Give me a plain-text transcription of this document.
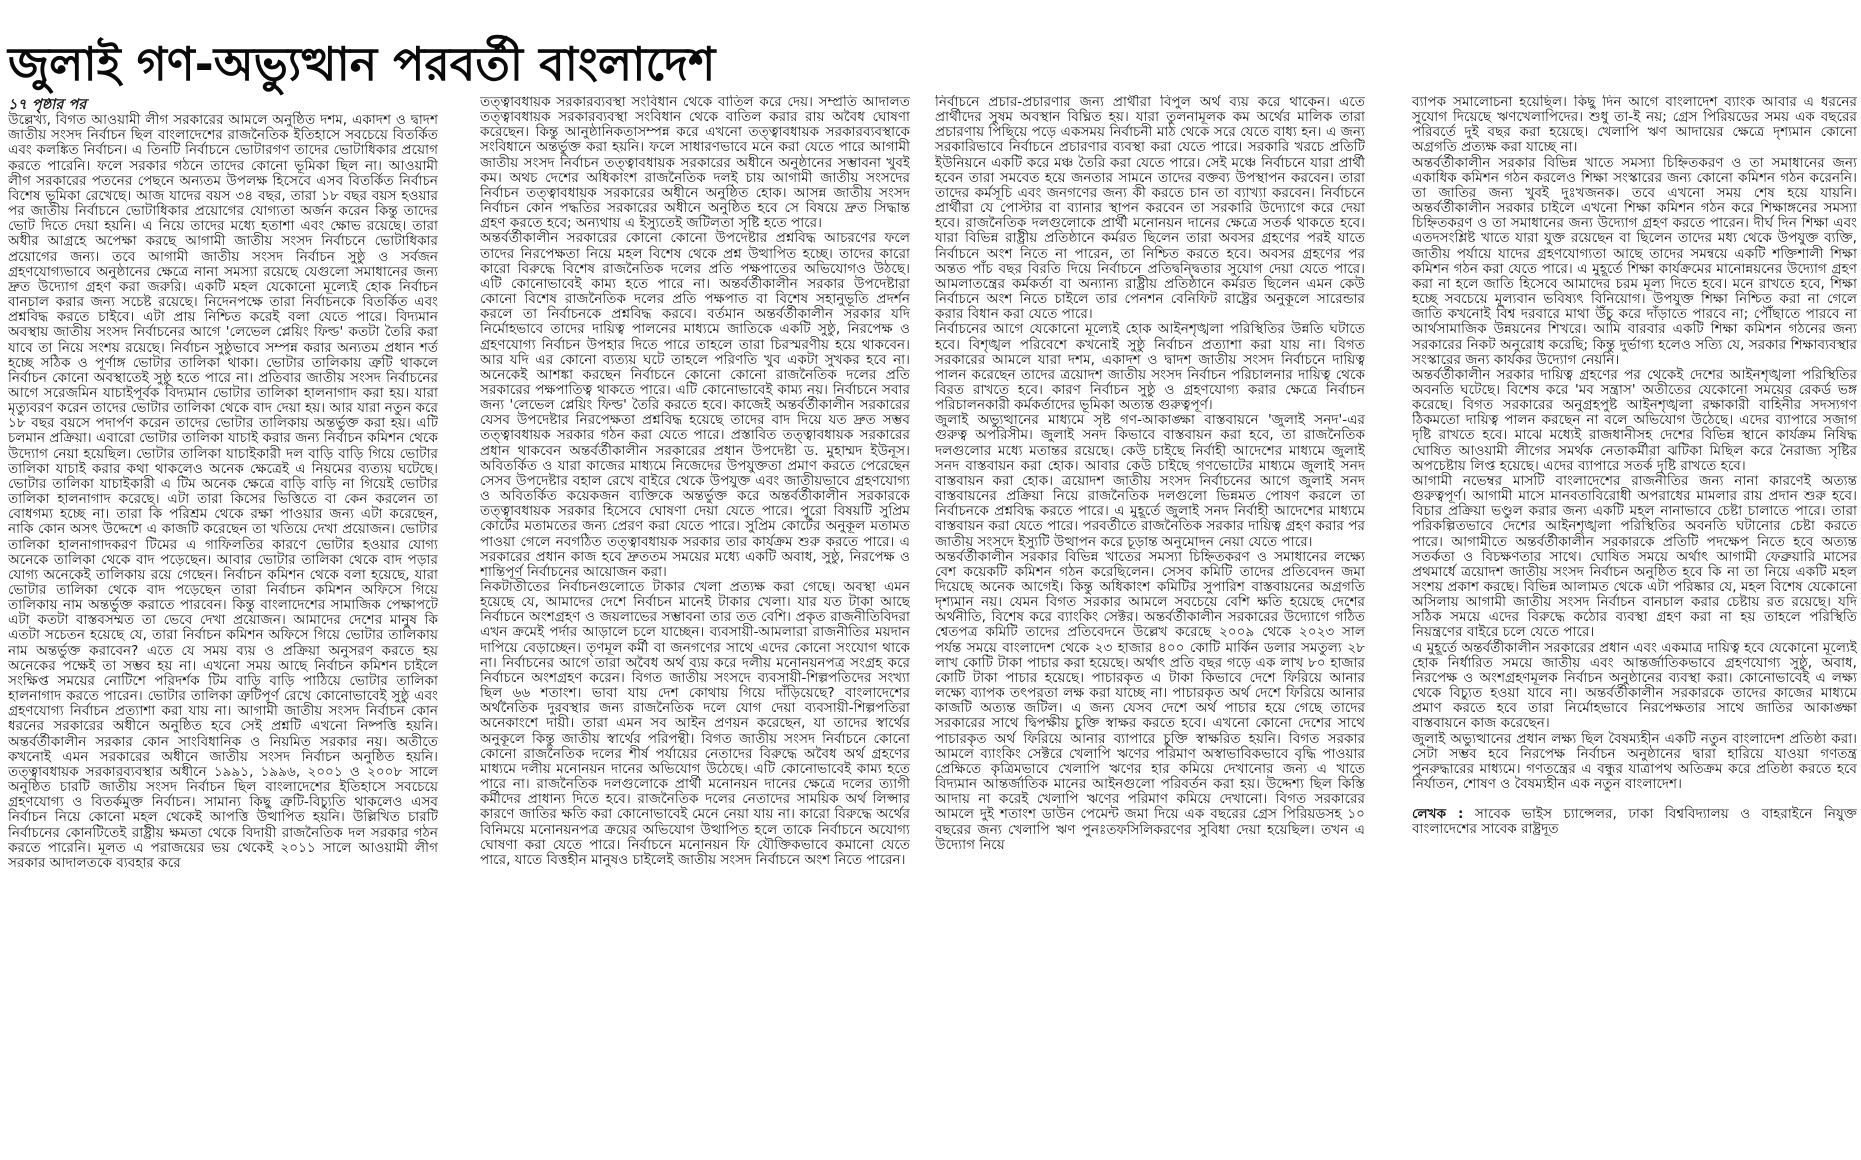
জুলাই গণ-অভ্যুত্থান পরবর্তী বাংলাদেশ

১৭ পৃষ্ঠার পর

উল্লেখ্য, বিগত আওয়ামী লীগ সরকারের আমলে অনুষ্ঠিত দশম, একাদশ ও দ্বাদশ জাতীয় সংসদ নির্বাচন ছিল বাংলাদেশের রাজনৈতিক ইতিহাসে সবচেয়ে বিতর্কিত এবং কলঙ্কিত নির্বাচন। এ তিনটি নির্বাচনে ভোটারগণ তাদের ভোটাধিকার প্রয়োগ করতে পারেনি। ফলে সরকার গঠনে তাদের কোনো ভূমিকা ছিল না। আওয়ামী লীগ সরকারের পতনের পেছনে অন্যতম উপলক্ষ হিসেবে এসব বিতর্কিত নির্বাচন বিশেষ ভূমিকা রেখেছে। আজ যাদের বয়স ৩৪ বছর, তারা ১৮ বছর বয়স হওয়ার পর জাতীয় নির্বাচনে ভোটাধিকার প্রয়োগের যোগ্যতা অর্জন করেন কিন্তু তাদের ভোট দিতে দেয়া হয়নি। এ নিয়ে তাদের মধ্যে হতাশা এবং ক্ষোভ রয়েছে। তারা অধীর আগ্রহে অপেক্ষা করছে আগামী জাতীয় সংসদ নির্বাচনে ভোটাধিকার প্রয়োগের জন্য। তবে আগামী জাতীয় সংসদ নির্বাচন সুষ্ঠু ও সর্বজন গ্রহণযোগ্যভাবে অনুষ্ঠানের ক্ষেত্রে নানা সমস্যা রয়েছে যেগুলো সমাধানের জন্য দ্রুত উদ্যোগ গ্রহণ করা জরুরি। একটি মহল যেকোনো মূল্যেই হোক নির্বাচন বানচাল করার জন্য সচেষ্ট রয়েছে। নিদেনপক্ষে তারা নির্বাচনকে বিতর্কিত এবং প্রশ্নবিদ্ধ করতে চাইবে। এটা প্রায় নিশ্চিত করেই বলা যেতে পারে। বিদ্যমান অবস্থায় জাতীয় সংসদ নির্বাচনের আগে 'লেভেল প্লেয়িং ফিল্ড' কতটা তৈরি করা যাবে তা নিয়ে সংশয় রয়েছে। নির্বাচন সুষ্ঠুভাবে সম্পন্ন করার অন্যতম প্রধান শর্ত হচ্ছে সঠিক ও পূর্ণাঙ্গ ভোটার তালিকা থাকা। ভোটার তালিকায় ত্রুটি থাকলে নির্বাচন কোনো অবস্থাতেই সুষ্ঠু হতে পারে না। প্রতিবার জাতীয় সংসদ নির্বাচনের আগে সরেজমিন যাচাইপূর্বক বিদ্যমান ভোটার তালিকা হালনাগাদ করা হয়। যারা মৃত্যুবরণ করেন তাদের ভোটার তালিকা থেকে বাদ দেয়া হয়। আর যারা নতুন করে ১৮ বছর বয়সে পদার্পণ করেন তাদের ভোটার তালিকায় অন্তর্ভুক্ত করা হয়। এটি চলমান প্রক্রিয়া। এবারো ভোটার তালিকা যাচাই করার জন্য নির্বাচন কমিশন থেকে উদ্যোগ নেয়া হয়েছিল। ভোটার তালিকা যাচাইকারী দল বাড়ি বাড়ি গিয়ে ভোটার তালিকা যাচাই করার কথা থাকলেও অনেক ক্ষেত্রেই এ নিয়মের ব্যত্যয় ঘটেছে। ভোটার তালিকা যাচাইকারী এ টিম অনেক ক্ষেত্রে বাড়ি বাড়ি না গিয়েই ভোটার তালিকা হালনাগাদ করেছে। এটা তারা কিসের ভিত্তিতে বা কেন করলেন তা বোধগম্য হচ্ছে না। তারা কি পরিশ্রম থেকে রক্ষা পাওয়ার জন্য এটা করেছেন, নাকি কোন অসৎ উদ্দেশে এ কাজটি করেছেন তা খতিয়ে দেখা প্রয়োজন। ভোটার তালিকা হালনাগাদকরণ টিমের এ গাফিলতির কারণে ভোটার হওয়ার যোগ্য অনেকে তালিকা থেকে বাদ পড়েছেন। আবার ভোটার তালিকা থেকে বাদ পড়ার যোগ্য অনেকেই তালিকায় রয়ে গেছেন। নির্বাচন কমিশন থেকে বলা হয়েছে, যারা ভোটার তালিকা থেকে বাদ পড়েছেন তারা নির্বাচন কমিশন অফিসে গিয়ে তালিকায় নাম অন্তর্ভুক্ত করাতে পারবেন। কিন্তু বাংলাদেশের সামাজিক পেক্ষাপটে এটা কতটা বাস্তবসম্মত তা ভেবে দেখা প্রয়োজন। আমাদের দেশের মানুষ কি এতটা সচেতন হয়েছে যে, তারা নির্বাচন কমিশন অফিসে গিয়ে ভোটার তালিকায় নাম অন্তর্ভুক্ত করাবেন? এতে যে সময় ব্যয় ও প্রক্রিয়া অনুসরণ করতে হয় অনেকের পক্ষেই তা সম্ভব হয় না। এখনো সময় আছে নির্বাচন কমিশন চাইলে সংক্ষিপ্ত সময়ের নোটিশে পরিদর্শক টিম বাড়ি বাড়ি পাঠিয়ে ভোটার তালিকা হালনাগাদ করতে পারেন। ভোটার তালিকা ত্রুটিপূর্ণ রেখে কোনোভাবেই সুষ্ঠু এবং গ্রহণযোগ্য নির্বাচন প্রত্যাশা করা যায় না। আগামী জাতীয় সংসদ নির্বাচন কোন ধরনের সরকারের অধীনে অনুষ্ঠিত হবে সেই প্রশ্নটি এখনো নিষ্পত্তি হয়নি। অন্তর্বর্তীকালীন সরকার কোন সাংবিধানিক ও নিয়মিত সরকার নয়। অতীতে কখনোই এমন সরকারের অধীনে জাতীয় সংসদ নির্বাচন অনুষ্ঠিত হয়নি। তত্ত্বাবধায়ক সরকারব্যবস্থার অধীনে ১৯৯১, ১৯৯৬, ২০০১ ও ২০০৮ সালে অনুষ্ঠিত চারটি জাতীয় সংসদ নির্বাচন ছিল বাংলাদেশের ইতিহাসে সবচেয়ে গ্রহণযোগ্য ও বিতর্কমুক্ত নির্বাচন। সামান্য কিছু ত্রুটি-বিচ্যুতি থাকলেও এসব নির্বাচন নিয়ে কোনো মহল থেকেই আপত্তি উত্থাপিত হয়নি। উল্লিখিত চারটি নির্বাচনের কোনটিতেই রাষ্ট্রীয় ক্ষমতা থেকে বিদায়ী রাজনৈতিক দল সরকার গঠন করতে পারেনি। মূলত এ পরাজয়ের ভয় থেকেই ২০১১ সালে আওয়ামী লীগ সরকার আদালতকে ব্যবহার করে

তত্ত্বাবধায়ক সরকারব্যবস্থা সংবিধান থেকে বাতিল করে দেয়। সম্প্রতি আদালত তত্ত্বাবধায়ক সরকারব্যবস্থা সংবিধান থেকে বাতিল করার রায় অবৈধ ঘোষণা করেছেন। কিন্তু আনুষ্ঠানিকতাসম্পন্ন করে এখনো তত্ত্বাবধায়ক সরকারব্যবস্থাকে সংবিধানে অন্তর্ভুক্ত করা হয়নি। ফলে সাধারণভাবে মনে করা যেতে পারে আগামী জাতীয় সংসদ নির্বাচন তত্ত্বাবধায়ক সরকারের অধীনে অনুষ্ঠানের সম্ভাবনা খুবই কম। অথচ দেশের অধিকাংশ রাজনৈতিক দলই চায় আগামী জাতীয় সংসদের নির্বাচন তত্ত্বাবধায়ক সরকারের অধীনে অনুষ্ঠিত হোক। আসন্ন জাতীয় সংসদ নির্বাচন কোন পদ্ধতির সরকারের অধীনে অনুষ্ঠিত হবে সে বিষয়ে দ্রুত সিদ্ধান্ত গ্রহণ করতে হবে; অন্যথায় এ ইস্যুতেই জটিলতা সৃষ্টি হতে পারে।

অন্তর্বর্তীকালীন সরকারের কোনো কোনো উপদেষ্টার প্রশ্নবিদ্ধ আচরণের ফলে তাদের নিরপেক্ষতা নিয়ে মহল বিশেষ থেকে প্রশ্ন উত্থাপিত হচ্ছে। তাদের কারো কারো বিরুদ্ধে বিশেষ রাজনৈতিক দলের প্রতি পক্ষপাতের অভিযোগও উঠছে। এটি কোনোভাবেই কাম্য হতে পারে না। অন্তর্বর্তীকালীন সরকার উপদেষ্টারা কোনো বিশেষ রাজনৈতিক দলের প্রতি পক্ষপাত বা বিশেষ সহানুভূতি প্রদর্শন করলে তা নির্বাচনকে প্রশ্নবিদ্ধ করবে। বর্তমান অন্তর্বর্তীকালীন সরকার যদি নির্মোহভাবে তাদের দায়িত্ব পালনের মাধ্যমে জাতিকে একটি সুষ্ঠু, নিরপেক্ষ ও গ্রহণযোগ্য নির্বাচন উপহার দিতে পারে তাহলে তারা চিরস্মরণীয় হয়ে থাকবেন। আর যদি এর কোনো ব্যত্যয় ঘটে তাহলে পরিণতি খুব একটা সুখকর হবে না। অনেকেই আশঙ্কা করছেন নির্বাচনে কোনো কোনো রাজনৈতিক দলের প্রতি সরকারের পক্ষপাতিত্ব থাকতে পারে। এটি কোনোভাবেই কাম্য নয়। নির্বাচনে সবার জন্য 'লেভেল প্লেয়িং ফিল্ড' তৈরি করতে হবে। কাজেই অন্তর্বর্তীকালীন সরকারের যেসব উপদেষ্টার নিরপেক্ষতা প্রশ্নবিদ্ধ হয়েছে তাদের বাদ দিয়ে যত দ্রুত সম্ভব তত্ত্বাবধায়ক সরকার গঠন করা যেতে পারে। প্রস্তাবিত তত্ত্বাবধায়ক সরকারের প্রধান থাকবেন অন্তর্বর্তীকালীন সরকারের প্রধান উপদেষ্টা ড. মুহাম্মদ ইউনূস। অবিতর্কিত ও যারা কাজের মাধ্যমে নিজেদের উপযুক্ততা প্রমাণ করতে পেরেছেন সেসব উপদেষ্টার বহাল রেখে বাইরে থেকে উপযুক্ত এবং জাতীয়ভাবে গ্রহণযোগ্য ও অবিতর্কিত কয়েকজন ব্যক্তিকে অন্তর্ভুক্ত করে অন্তর্বর্তীকালীন সরকারকে তত্ত্বাবধায়ক সরকার হিসেবে ঘোষণা দেয়া যেতে পারে। পুরো বিষয়টি সুপ্রিম কোর্টের মতামতের জন্য প্রেরণ করা যেতে পারে। সুপ্রিম কোর্টের অনুকূল মতামত পাওয়া গেলে নবগঠিত তত্ত্বাবধায়ক সরকার তার কার্যক্রম শুরু করতে পারে। এ সরকারের প্রধান কাজ হবে দ্রুততম সময়ের মধ্যে একটি অবাধ, সুষ্ঠু, নিরপেক্ষ ও শান্তিপূর্ণ নির্বাচনের আয়োজন করা।

নিকটাতীতের নির্বাচনগুলোতে টাকার খেলা প্রত্যক্ষ করা গেছে। অবস্থা এমন হয়েছে যে, আমাদের দেশে নির্বাচন মানেই টাকার খেলা। যার যত টাকা আছে নির্বাচনে অংশগ্রহণ ও জয়লাভের সম্ভাবনা তার তত বেশি। প্রকৃত রাজনীতিবিদরা এখন ক্রমেই পর্দার আড়ালে চলে যাচ্ছেন। ব্যবসায়ী-আমলারা রাজনীতির ময়দান দাপিয়ে বেড়াচ্ছেন। তৃণমূল কর্মী বা জনগণের সাথে এদের কোনো সংযোগ থাকে না। নির্বাচনের আগে তারা অবৈধ অর্থ ব্যয় করে দলীয় মনোনয়নপত্র সংগ্রহ করে নির্বাচনে অংশগ্রহণ করেন। বিগত জাতীয় সংসদে ব্যবসায়ী-শিল্পপতিদের সংখ্যা ছিল ৬৬ শতাংশ। ভাবা যায় দেশ কোথায় গিয়ে দাঁড়িয়েছে? বাংলাদেশের অর্থনৈতিক দুরবস্থার জন্য রাজনৈতিক দলে যোগ দেয়া ব্যবসায়ী-শিল্পপতিরা অনেকাংশে দায়ী। তারা এমন সব আইন প্রণয়ন করেছেন, যা তাদের স্বার্থের অনুকূলে কিন্তু জাতীয় স্বার্থের পরিপন্থী। বিগত জাতীয় সংসদ নির্বাচনে কোনো কোনো রাজনৈতিক দলের শীর্ষ পর্যায়ের নেতাদের বিরুদ্ধে অবৈধ অর্থ গ্রহণের মাধ্যমে দলীয় মনোনয়ন দানের অভিযোগ উঠেছে। এটি কোনোভাবেই কাম্য হতে পারে না। রাজনৈতিক দলগুলোকে প্রার্থী মনোনয়ন দানের ক্ষেত্রে দলের ত্যাগী কর্মীদের প্রাধান্য দিতে হবে। রাজনৈতিক দলের নেতাদের সাময়িক অর্থ লিপ্সার কারণে জাতির ক্ষতি করা কোনোভাবেই মেনে নেয়া যায় না। কারো বিরুদ্ধে অর্থের বিনিময়ে মনোনয়নপত্র ক্রয়ের অভিযোগ উত্থাপিত হলে তাকে নির্বাচনে অযোগ্য ঘোষণা করা যেতে পারে। নির্বাচনে মনোনয়ন ফি যৌক্তিকভাবে কমানো যেতে পারে, যাতে বিত্তহীন মানুষও চাইলেই জাতীয় সংসদ নির্বাচনে অংশ নিতে পারেন।

নির্বাচনে প্রচার-প্রচারণার জন্য প্রার্থীরা বিপুল অর্থ ব্যয় করে থাকেন। এতে প্রার্থীদের সুষম অবস্থান বিঘ্নিত হয়। যারা তুলনামূলক কম অর্থের মালিক তারা প্রচারণায় পিছিয়ে পড়ে একসময় নির্বাচনী মাঠ থেকে সরে যেতে বাধ্য হন। এ জন্য সরকারিভাবে নির্বাচনে প্রচারণার ব্যবস্থা করা যেতে পারে। সরকারি খরচে প্রতিটি ইউনিয়নে একটি করে মঞ্চ তৈরি করা যেতে পারে। সেই মঞ্চে নির্বাচনে যারা প্রার্থী হবেন তারা সমবেত হয়ে জনতার সামনে তাদের বক্তব্য উপস্থাপন করবেন। তারা তাদের কর্মসূচি এবং জনগণের জন্য কী করতে চান তা ব্যাখ্যা করবেন। নির্বাচনে প্রার্থীরা যে পোস্টার বা ব্যানার স্থাপন করবেন তা সরকারি উদ্যোগে করে দেয়া হবে। রাজনৈতিক দলগুলোকে প্রার্থী মনোনয়ন দানের ক্ষেত্রে সতর্ক থাকতে হবে। যারা বিভিন্ন রাষ্ট্রীয় প্রতিষ্ঠানে কর্মরত ছিলেন তারা অবসর গ্রহণের পরই যাতে নির্বাচনে অংশ নিতে না পারেন, তা নিশ্চিত করতে হবে। অবসর গ্রহণের পর অন্তত পাঁচ বছর বিরতি দিয়ে নির্বাচনে প্রতিদ্বন্দ্বিতার সুযোগ দেয়া যেতে পারে। আমলাতন্ত্রের কর্মকর্তা বা অন্যান্য রাষ্ট্রীয় প্রতিষ্ঠানে কর্মরত ছিলেন এমন কেউ নির্বাচনে অংশ নিতে চাইলে তার পেনশন বেনিফিট রাষ্ট্রের অনুকূলে সারেন্ডার করার বিধান করা যেতে পারে।

নির্বাচনের আগে যেকোনো মূল্যেই হোক আইনশৃঙ্খলা পরিস্থিতির উন্নতি ঘটাতে হবে। বিশৃঙ্খল পরিবেশে কখনোই সুষ্ঠু নির্বাচন প্রত্যাশা করা যায় না। বিগত সরকারের আমলে যারা দশম, একাদশ ও দ্বাদশ জাতীয় সংসদ নির্বাচনে দায়িত্ব পালন করেছেন তাদের ত্রয়োদশ জাতীয় সংসদ নির্বাচন পরিচালনার দায়িত্ব থেকে বিরত রাখতে হবে। কারণ নির্বাচন সুষ্ঠু ও গ্রহণযোগ্য করার ক্ষেত্রে নির্বাচন পরিচালনকারী কর্মকর্তাদের ভূমিকা অত্যন্ত গুরুত্বপূর্ণ।

জুলাই অভ্যুত্থানের মাধ্যমে সৃষ্ট গণ-আকাঙ্ক্ষা বাস্তবায়নে 'জুলাই সনদ'-এর গুরুত্ব অপরিসীম। জুলাই সনদ কিভাবে বাস্তবায়ন করা হবে, তা রাজনৈতিক দলগুলোর মধ্যে মতান্তর রয়েছে। কেউ চাইছে নির্বাহী আদেশের মাধ্যমে জুলাই সনদ বাস্তবায়ন করা হোক। আবার কেউ চাইছে গণভোটের মাধ্যমে জুলাই সনদ বাস্তবায়ন করা হোক। ত্রয়োদশ জাতীয় সংসদ নির্বাচনের আগে জুলাই সনদ বাস্তবায়নের প্রক্রিয়া নিয়ে রাজনৈতিক দলগুলো ভিন্নমত পোষণ করলে তা নির্বাচনকে প্রশ্নবিদ্ধ করতে পারে। এ মুহূর্তে জুলাই সনদ নির্বাহী আদেশের মাধ্যমে বাস্তবায়ন করা যেতে পারে। পরবর্তীতে রাজনৈতিক সরকার দায়িত্ব গ্রহণ করার পর জাতীয় সংসদে ইস্যুটি উত্থাপন করে চূড়ান্ত অনুমোদন নেয়া যেতে পারে।

অন্তর্বর্তীকালীন সরকার বিভিন্ন খাতের সমস্যা চিহ্নিতকরণ ও সমাধানের লক্ষ্যে বেশ কয়েকটি কমিশন গঠন করেছিলেন। সেসব কমিটি তাদের প্রতিবেদন জমা দিয়েছে অনেক আগেই। কিন্তু অধিকাংশ কমিটির সুপারিশ বাস্তবায়নের অগ্রগতি দৃশ্যমান নয়। যেমন বিগত সরকার আমলে সবচেয়ে বেশি ক্ষতি হয়েছে দেশের অর্থনীতি, বিশেষ করে ব্যাংকিং সেক্টর। অন্তর্বর্তীকালীন সরকারের উদ্যোগে গঠিত শ্বেতপত্র কমিটি তাদের প্রতিবেদনে উল্লেখ করেছে ২০০৯ থেকে ২০২৩ সাল পর্যন্ত সময়ে বাংলাদেশ থেকে ২৩ হাজার ৪০০ কোটি মার্কিন ডলার সমতুল্য ২৮ লাখ কোটি টাকা পাচার করা হয়েছে। অর্থাৎ প্রতি বছর গড়ে এক লাখ ৮০ হাজার কোটি টাকা পাচার হয়েছে। পাচারকৃত এ টাকা কিভাবে দেশে ফিরিয়ে আনার লক্ষ্যে ব্যাপক তৎপরতা লক্ষ করা যাচ্ছে না। পাচারকৃত অর্থ দেশে ফিরিয়ে আনার কাজটি অত্যন্ত জটিল। এ জন্য যেসব দেশে অর্থ পাচার হয়ে গেছে তাদের সরকারের সাথে দ্বিপক্ষীয় চুক্তি স্বাক্ষর করতে হবে। এখনো কোনো দেশের সাথে পাচারকৃত অর্থ ফিরিয়ে আনার ব্যাপারে চুক্তি স্বাক্ষরিত হয়নি। বিগত সরকার আমলে ব্যাংকিং সেক্টরে খেলাপি ঋণের পরিমাণ অস্বাভাবিকভাবে বৃদ্ধি পাওয়ার প্রেক্ষিতে কৃত্রিমভাবে খেলাপি ঋণের হার কমিয়ে দেখানোর জন্য এ খাতে বিদ্যমান আন্তর্জাতিক মানের আইনগুলো পরিবর্তন করা হয়। উদ্দেশ্য ছিল কিস্তি আদায় না করেই খেলাপি ঋণের পরিমাণ কমিয়ে দেখানো। বিগত সরকারের আমলে দুই শতাংশ ডাউন পেমেন্ট জমা দিয়ে এক বছরের গ্রেস পিরিয়ডসহ ১০ বছরের জন্য খেলাপি ঋণ পুনঃতফসিলিকরণের সুবিধা দেয়া হয়েছিল। তখন এ উদ্যোগ নিয়ে

ব্যাপক সমালোচনা হয়েছিল। কিছু দিন আগে বাংলাদেশ ব্যাংক আবার এ ধরনের সুযোগ দিয়েছে ঋণখেলাপিদের। শুধু তা-ই নয়; গ্রেস পিরিয়ডের সময় এক বছরের পরিবর্তে দুই বছর করা হয়েছে। খেলাপি ঋণ আদায়ের ক্ষেত্রে দৃশ্যমান কোনো অগ্রগতি প্রত্যক্ষ করা যাচ্ছে না।

অন্তর্বর্তীকালীন সরকার বিভিন্ন খাতে সমস্যা চিহ্নিতকরণ ও তা সমাধানের জন্য একাধিক কমিশন গঠন করলেও শিক্ষা সংস্কারের জন্য কোনো কমিশন গঠন করেননি। তা জাতির জন্য খুবই দুঃখজনক। তবে এখনো সময় শেষ হয়ে যায়নি। অন্তর্বর্তীকালীন সরকার চাইলে এখনো শিক্ষা কমিশন গঠন করে শিক্ষাঙ্গনের সমস্যা চিহ্নিতকরণ ও তা সমাধানের জন্য উদ্যোগ গ্রহণ করতে পারেন। দীর্ঘ দিন শিক্ষা এবং এতদসংশ্লিষ্ট খাতে যারা যুক্ত রয়েছেন বা ছিলেন তাদের মধ্য থেকে উপযুক্ত ব্যক্তি, জাতীয় পর্যায়ে যাদের গ্রহণযোগ্যতা আছে তাদের সমন্বয়ে একটি শক্তিশালী শিক্ষা কমিশন গঠন করা যেতে পারে। এ মুহূর্তে শিক্ষা কার্যক্রমের মানোন্নয়নের উদ্যোগ গ্রহণ করা না হলে জাতি হিসেবে আমাদের চরম মূল্য দিতে হবে। মনে রাখতে হবে, শিক্ষা হচ্ছে সবচেয়ে মূল্যবান ভবিষ্যৎ বিনিয়োগ। উপযুক্ত শিক্ষা নিশ্চিত করা না গেলে জাতি কখনোই বিশ্ব দরবারে মাথা উঁচু করে দাঁড়াতে পারবে না; পৌঁছাতে পারবে না আর্থসামাজিক উন্নয়নের শিখরে। আমি বারবার একটি শিক্ষা কমিশন গঠনের জন্য সরকারের নিকট অনুরোধ করেছি; কিন্তু দুর্ভাগ্য হলেও সত্যি যে, সরকার শিক্ষাব্যবস্থার সংস্কারের জন্য কার্যকর উদ্যোগ নেয়নি।

অন্তর্বর্তীকালীন সরকার দায়িত্ব গ্রহণের পর থেকেই দেশের আইনশৃঙ্খলা পরিস্থিতির অবনতি ঘটেছে। বিশেষ করে 'মব সন্ত্রাস' অতীতের যেকোনো সময়ের রেকর্ড ভঙ্গ করেছে। বিগত সরকারের অনুগ্রহপুষ্ট আইনশৃঙ্খলা রক্ষাকারী বাহিনীর সদস্যগণ ঠিকমতো দায়িত্ব পালন করছেন না বলে অভিযোগ উঠেছে। এদের ব্যাপারে সজাগ দৃষ্টি রাখতে হবে। মাঝে মধ্যেই রাজধানীসহ দেশের বিভিন্ন স্থানে কার্যক্রম নিষিদ্ধ ঘোষিত আওয়ামী লীগের সমর্থক নেতাকর্মীরা ঝটিকা মিছিল করে নৈরাজ্য সৃষ্টির অপচেষ্টায় লিপ্ত হয়েছে। এদের ব্যাপারে সতর্ক দৃষ্টি রাখতে হবে।

আগামী নভেম্বর মাসটি বাংলাদেশের রাজনীতির জন্য নানা কারণেই অত্যন্ত গুরুত্বপূর্ণ। আগামী মাসে মানবতাবিরোধী অপরাধের মামলার রায় প্রদান শুরু হবে। বিচার প্রক্রিয়া ভণ্ডুল করার জন্য একটি মহল নানাভাবে চেষ্টা চালাতে পারে। তারা পরিকল্পিতভাবে দেশের আইনশৃঙ্খলা পরিস্থিতির অবনতি ঘটানোর চেষ্টা করতে পারে। আগামীতে অন্তর্বর্তীকালীন সরকারকে প্রতিটি পদক্ষেপ নিতে হবে অত্যন্ত সতর্কতা ও বিচক্ষণতার সাথে। ঘোষিত সময়ে অর্থাৎ আগামী ফেব্রুয়ারি মাসের প্রথমার্ধে ত্রয়োদশ জাতীয় সংসদ নির্বাচন অনুষ্ঠিত হবে কি না তা নিয়ে একটি মহল সংশয় প্রকাশ করছে। বিভিন্ন আলামত থেকে এটা পরিষ্কার যে, মহল বিশেষ যেকোনো অসিলায় আগামী জাতীয় সংসদ নির্বাচন বানচাল করার চেষ্টায় রত রয়েছে। যদি সঠিক সময়ে এদের বিরুদ্ধে কঠোর ব্যবস্থা গ্রহণ করা না হয় তাহলে পরিস্থিতি নিয়ন্ত্রণের বাইরে চলে যেতে পারে।

এ মুহূর্তে অন্তর্বর্তীকালীন সরকারের প্রধান এবং একমাত্র দায়িত্ব হবে যেকোনো মূল্যেই হোক নির্ধারিত সময়ে জাতীয় এবং আন্তর্জাতিকভাবে গ্রহণযোগ্য সুষ্ঠু, অবাধ, নিরপেক্ষ ও অংশগ্রহণমূলক নির্বাচন অনুষ্ঠানের ব্যবস্থা করা। কোনোভাবেই এ লক্ষ্য থেকে বিচ্যুত হওয়া যাবে না। অন্তর্বর্তীকালীন সরকারকে তাদের কাজের মাধ্যমে প্রমাণ করতে হবে তারা নির্মোহভাবে নিরপেক্ষতার সাথে জাতির আকাঙ্ক্ষা বাস্তবায়নে কাজ করেছেন।

জুলাই অভ্যুত্থানের প্রধান লক্ষ্য ছিল বৈষম্যহীন একটি নতুন বাংলাদেশ প্রতিষ্ঠা করা। সেটা সম্ভব হবে নিরপেক্ষ নির্বাচন অনুষ্ঠানের দ্বারা হারিয়ে যাওয়া গণতন্ত্র পুনরুদ্ধারের মাধ্যমে। গণতন্ত্রের এ বন্ধুর যাত্রাপথ অতিক্রম করে প্রতিষ্ঠা করতে হবে নির্যাতন, শোষণ ও বৈষম্যহীন এক নতুন বাংলাদেশ।

লেখক : সাবেক ভাইস চ্যান্সেলর, ঢাকা বিশ্ববিদ্যালয় ও বাহরাইনে নিযুক্ত বাংলাদেশের সাবেক রাষ্ট্রদূত
